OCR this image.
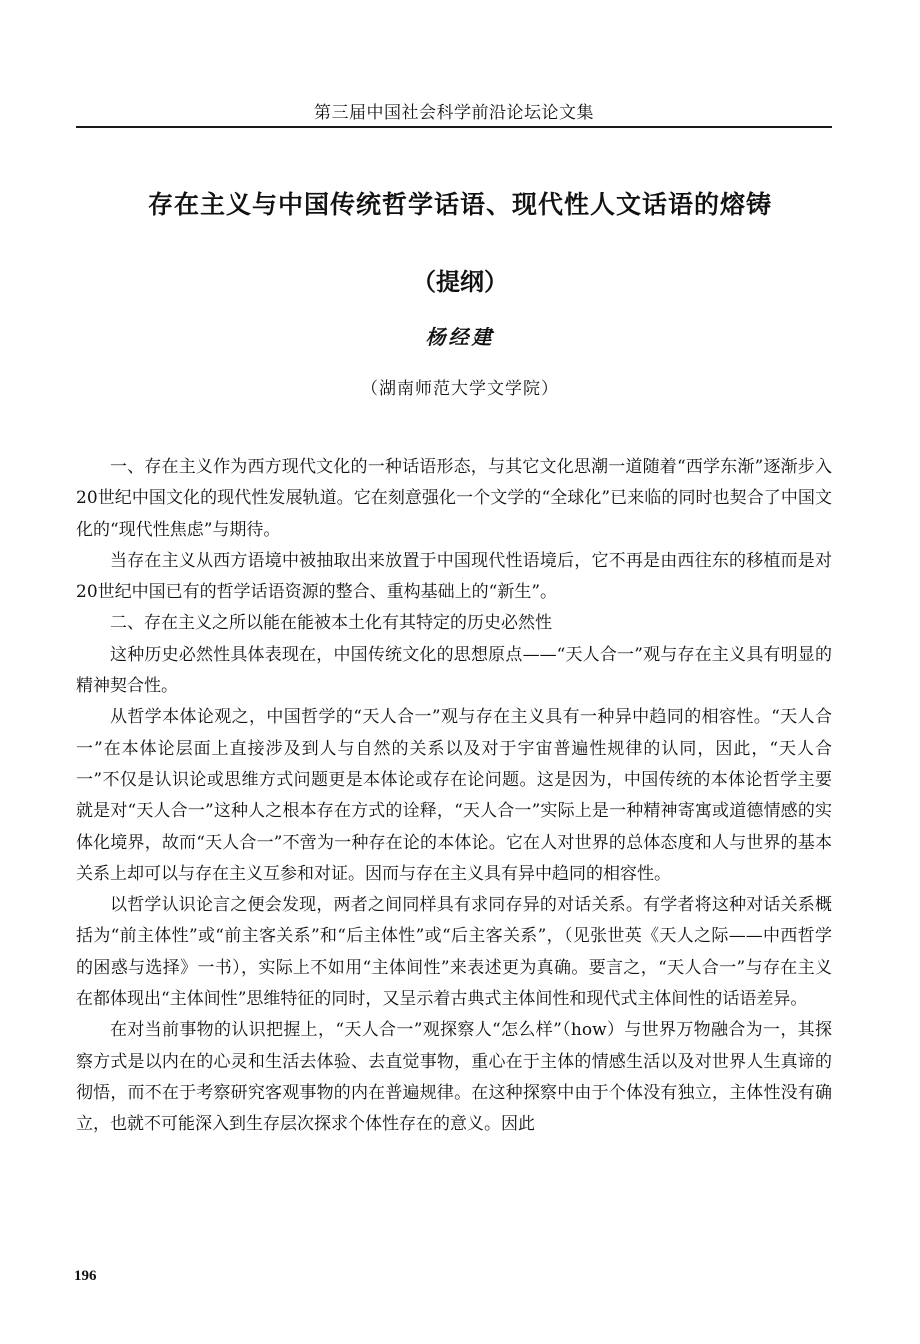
第三届中国社会科学前沿论坛论文集
存在主义与中国传统哲学话语、现代性人文话语的熔铸
（提纲）
杨经建
（湖南师范大学文学院）

一、存在主义作为西方现代文化的一种话语形态，与其它文化思潮一道随着“西学东渐”逐渐步入20世纪中国文化的现代性发展轨道。它在刻意强化一个文学的“全球化”已来临的同时也契合了中国文化的“现代性焦虑”与期待。

当存在主义从西方语境中被抽取出来放置于中国现代性语境后，它不再是由西往东的移植而是对20世纪中国已有的哲学话语资源的整合、重构基础上的“新生”。

二、存在主义之所以能在能被本土化有其特定的历史必然性

这种历史必然性具体表现在，中国传统文化的思想原点——“天人合一”观与存在主义具有明显的精神契合性。

从哲学本体论观之，中国哲学的“天人合一”观与存在主义具有一种异中趋同的相容性。“天人合一”在本体论层面上直接涉及到人与自然的关系以及对于宇宙普遍性规律的认同，因此，“天人合一”不仅是认识论或思维方式问题更是本体论或存在论问题。这是因为，中国传统的本体论哲学主要就是对“天人合一”这种人之根本存在方式的诠释，“天人合一”实际上是一种精神寄寓或道德情感的实体化境界，故而“天人合一”不啻为一种存在论的本体论。它在人对世界的总体态度和人与世界的基本关系上却可以与存在主义互参和对证。因而与存在主义具有异中趋同的相容性。

以哲学认识论言之便会发现，两者之间同样具有求同存异的对话关系。有学者将这种对话关系概括为“前主体性”或“前主客关系”和“后主体性”或“后主客关系”，（见张世英《天人之际——中西哲学的困惑与选择》一书），实际上不如用“主体间性”来表述更为真确。要言之，“天人合一”与存在主义在都体现出“主体间性”思维特征的同时，又呈示着古典式主体间性和现代式主体间性的话语差异。

在对当前事物的认识把握上，“天人合一”观探察人“怎么样”（how）与世界万物融合为一，其探察方式是以内在的心灵和生活去体验、去直觉事物，重心在于主体的情感生活以及对世界人生真谛的彻悟，而不在于考察研究客观事物的内在普遍规律。在这种探察中由于个体没有独立，主体性没有确立，也就不可能深入到生存层次探求个体性存在的意义。因此

196
